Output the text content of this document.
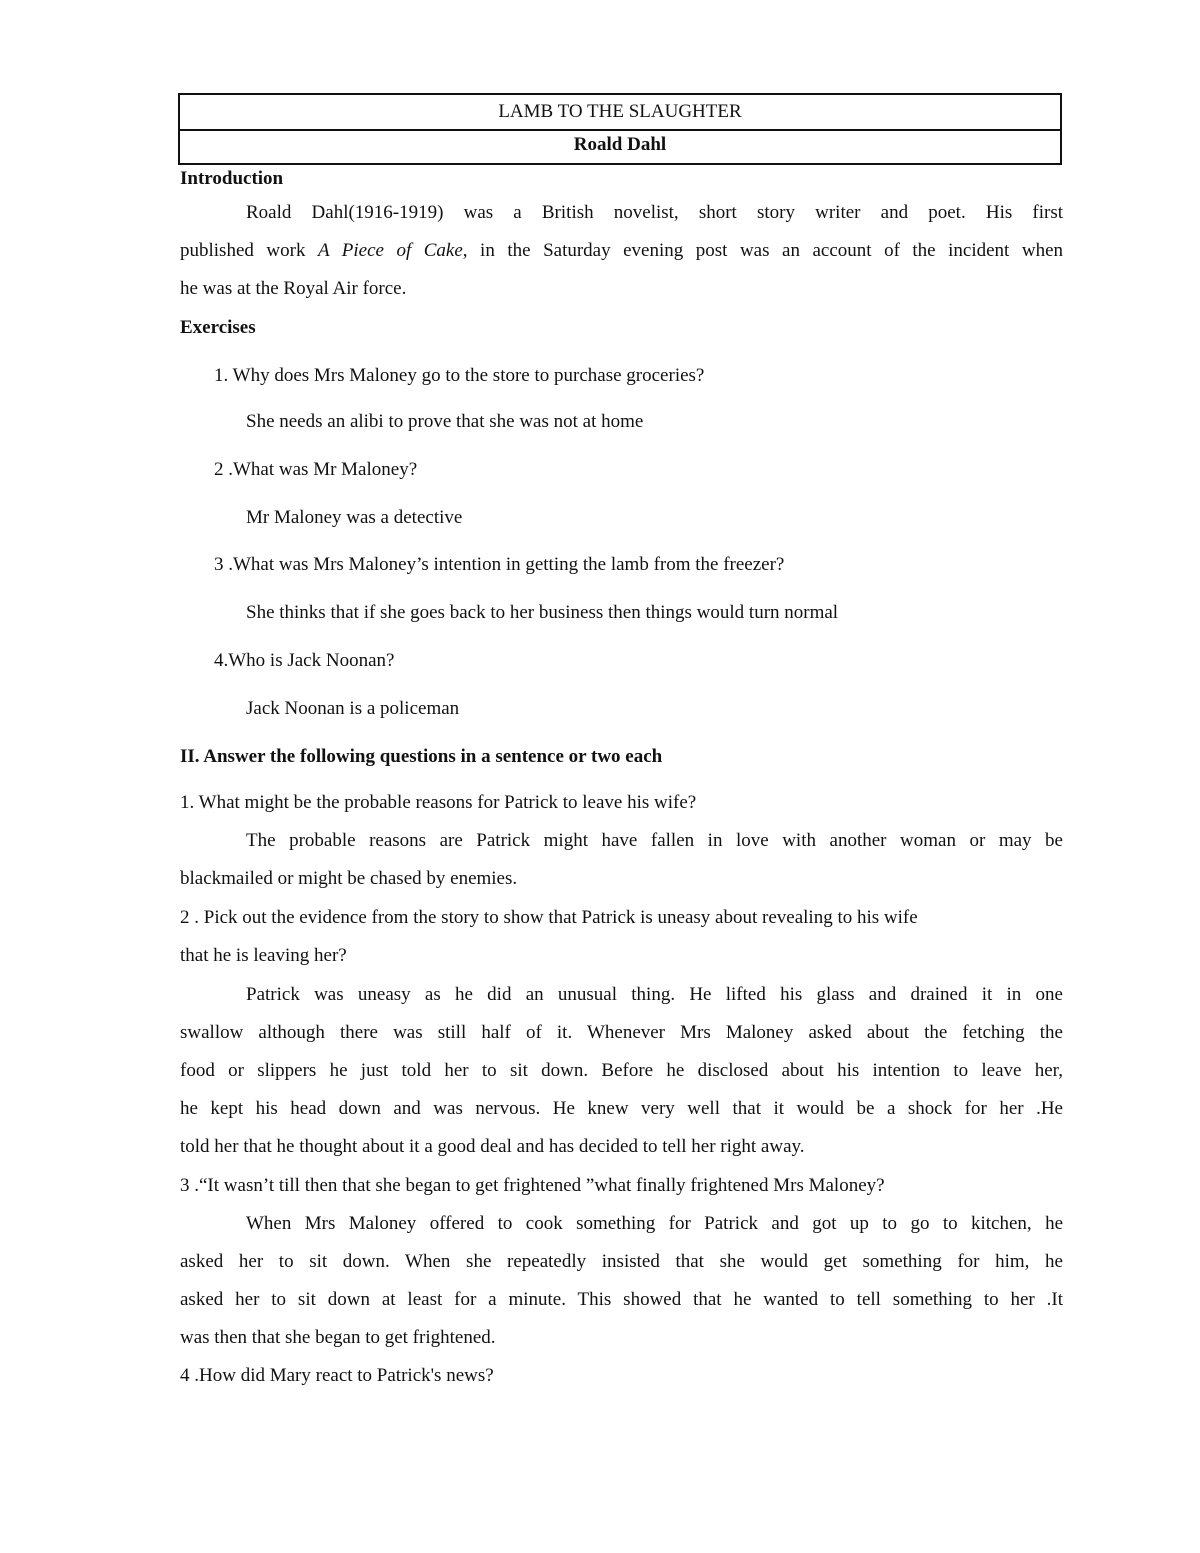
LAMB TO THE SLAUGHTER
Roald Dahl
Introduction
Roald Dahl(1916-1919) was a British novelist, short story writer and poet. His first
published work A Piece of Cake, in the Saturday evening post was an account of the incident when
he was at the Royal Air force.
Exercises
1. Why does Mrs Maloney go to the store to purchase groceries?
She needs an alibi to prove that she was not at home
2 .What was Mr Maloney?
Mr Maloney was a detective
3 .What was Mrs Maloney’s intention in getting the lamb from the freezer?
She thinks that if she goes back to her business then things would turn normal
4.Who is Jack Noonan?
Jack Noonan is a policeman
II. Answer the following questions in a sentence or two each
1. What might be the probable reasons for Patrick to leave his wife?
The probable reasons are Patrick might have fallen in love with another woman or may be
blackmailed or might be chased by enemies.
2 . Pick out the evidence from the story to show that Patrick is uneasy about revealing to his wife
that he is leaving her?
Patrick was uneasy as he did an unusual thing. He lifted his glass and drained it in one
swallow although there was still half of it. Whenever Mrs Maloney asked about the fetching the
food or slippers he just told her to sit down. Before he disclosed about his intention to leave her,
he kept his head down and was nervous. He knew very well that it would be a shock for her .He
told her that he thought about it a good deal and has decided to tell her right away.
3 .“It wasn’t till then that she began to get frightened ”what finally frightened Mrs Maloney?
When Mrs Maloney offered to cook something for Patrick and got up to go to kitchen, he
asked her to sit down. When she repeatedly insisted that she would get something for him, he
asked her to sit down at least for a minute. This showed that he wanted to tell something to her .It
was then that she began to get frightened.
4 .How did Mary react to Patrick's news?
